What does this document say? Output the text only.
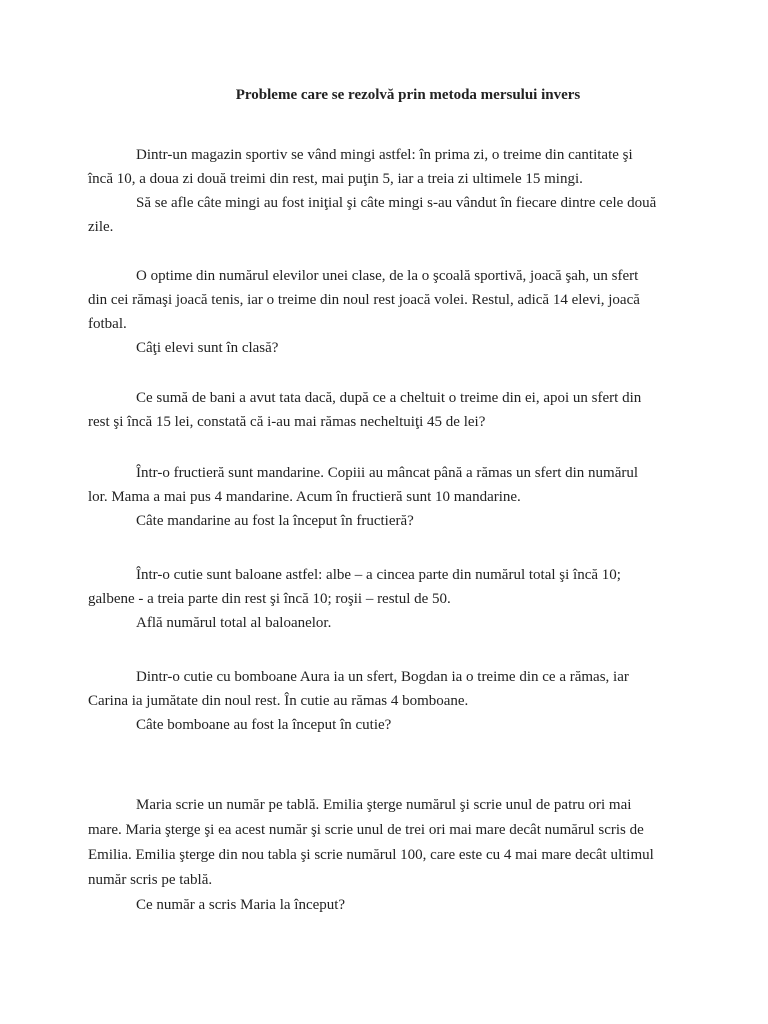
Probleme care se rezolvă prin metoda mersului invers
Dintr-un magazin sportiv se vând mingi astfel: în prima zi, o treime din cantitate şi
încă 10, a doua zi două treimi din rest, mai puţin 5, iar a treia zi ultimele 15 mingi.
Să se afle câte mingi au fost iniţial şi câte mingi s-au vândut în fiecare dintre cele două
zile.
O optime din numărul elevilor unei clase, de la o şcoală sportivă, joacă şah, un sfert
din cei rămaşi joacă tenis, iar o treime din noul rest joacă volei. Restul, adică 14 elevi, joacă
fotbal.
Câţi elevi sunt în clasă?
Ce sumă de bani a avut tata dacă, după ce a cheltuit o treime din ei, apoi un sfert din
rest şi încă 15 lei, constată că i-au mai rămas necheltuiţi 45 de lei?
Într-o fructieră sunt mandarine. Copiii au mâncat până a rămas un sfert din numărul
lor. Mama a mai pus 4 mandarine. Acum în fructieră sunt 10 mandarine.
Câte mandarine au fost la început în fructieră?
Într-o cutie sunt baloane astfel: albe – a cincea parte din numărul total şi încă 10;
galbene - a treia parte din rest şi încă 10; roşii – restul de 50.
Află numărul total al baloanelor.
Dintr-o cutie cu bomboane Aura ia un sfert, Bogdan ia o treime din ce a rămas, iar
Carina ia jumătate din noul rest. În cutie au rămas 4 bomboane.
Câte bomboane au fost la început în cutie?
Maria scrie un număr pe tablă. Emilia şterge numărul şi scrie unul de patru ori mai
mare. Maria şterge şi ea acest număr şi scrie unul de trei ori mai mare decât numărul scris de
Emilia. Emilia şterge din nou tabla şi scrie numărul 100, care este cu 4 mai mare decât ultimul
număr scris pe tablă.
Ce număr a scris Maria la început?
